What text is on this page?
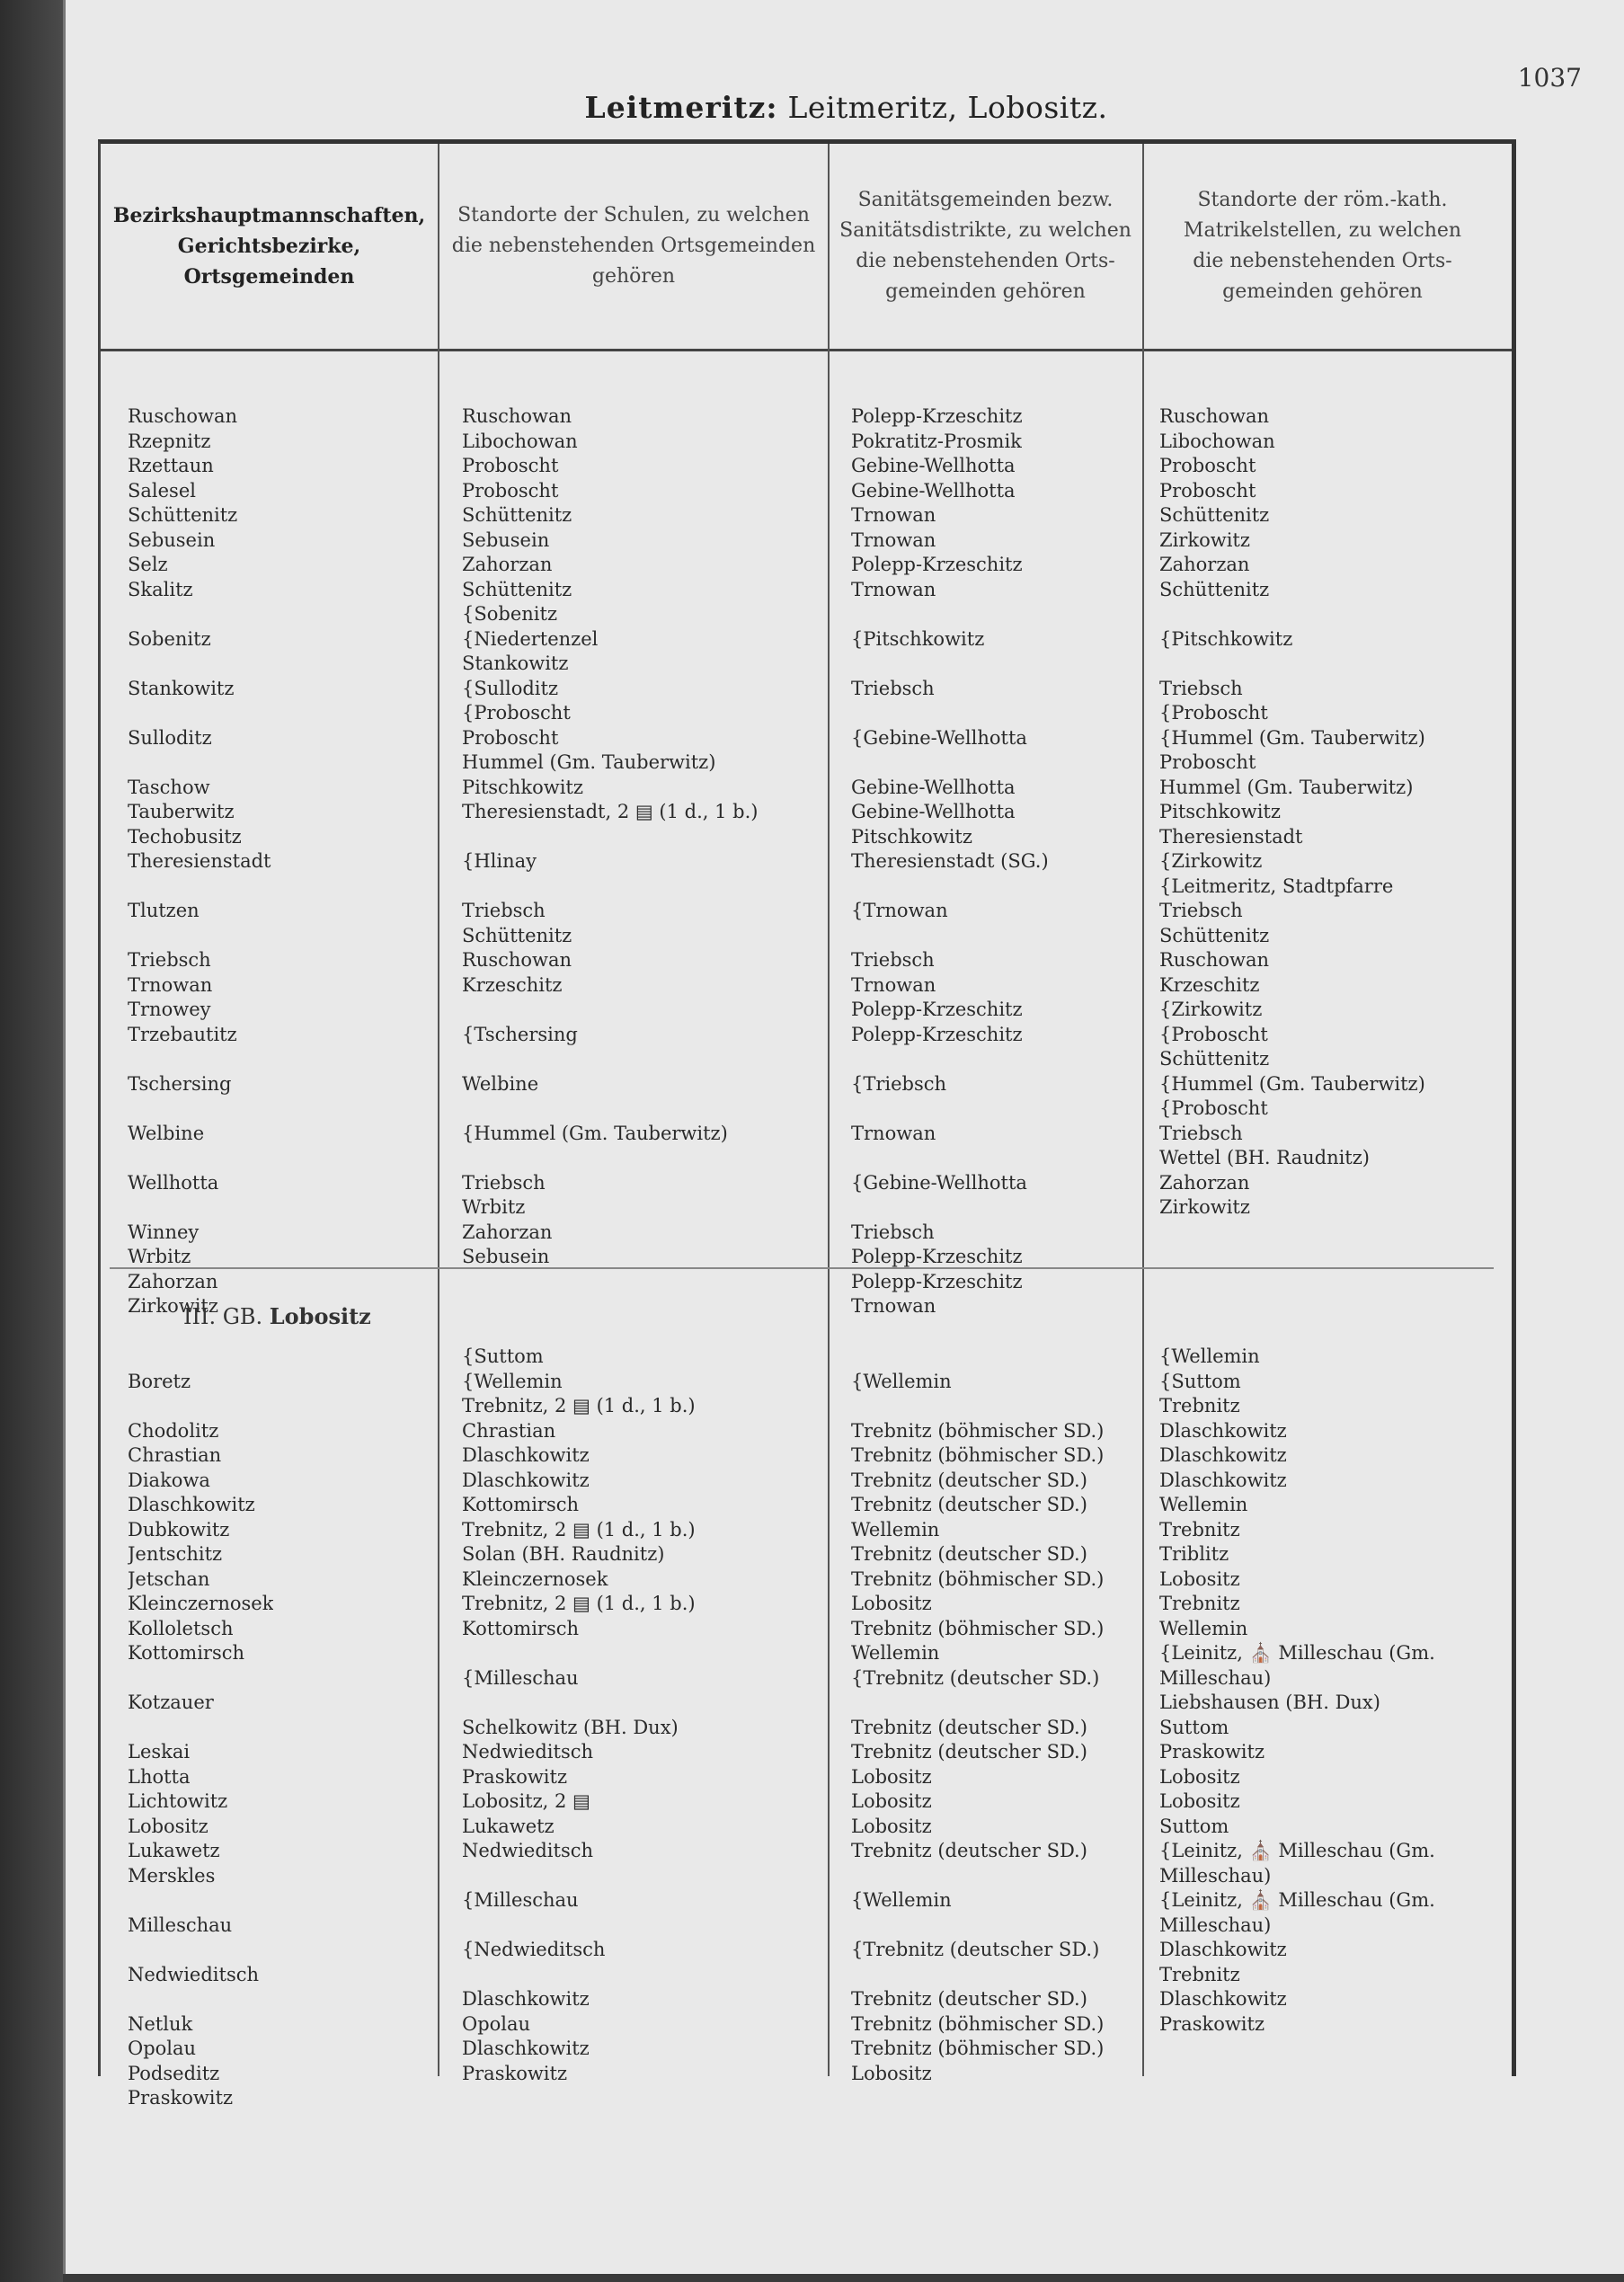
Leitmeritz: Leitmeritz, Lobositz.
1037
Bezirkshauptmannschaften,
Gerichtsbezirke,
Ortsgemeinden
Standorte der Schulen, zu welchen
die nebenstehenden Ortsgemeinden
gehören
Sanitätsgemeinden bezw.
Sanitätsdistrikte, zu welchen
die nebenstehenden Orts-
gemeinden gehören
Standorte der röm.-kath.
Matrikelstellen, zu welchen
die nebenstehenden Orts-
gemeinden gehören
Ruschowan
Rzepnitz
Rzettaun
Salesel
Schüttenitz
Sebusein
Selz
Skalitz
Sobenitz
Stankowitz
Sulloditz
Taschow
Tauberwitz
Techobusitz
Theresienstadt
Tlutzen
Triebsch
Trnowan
Trnowey
Trzebautitz
Tschersing
Welbine
Wellhotta
Winney
Wrbitz
Zahorzan
Zirkowitz
Ruschowan
Libochowan
Proboscht
Proboscht
Schüttenitz
Sebusein
Zahorzan
Schüttenitz
{Sobenitz
{Niedertenzel
Stankowitz
{Sulloditz
{Proboscht
Proboscht
Hummel (Gm. Tauberwitz)
Pitschkowitz
Theresienstadt, 2 ▤ (1 d., 1 b.)
{Hlinay
Triebsch
Schüttenitz
Ruschowan
Krzeschitz
{Tschersing
Welbine
{Hummel (Gm. Tauberwitz)
Triebsch
Wrbitz
Zahorzan
Sebusein
Polepp-Krzeschitz
Pokratitz-Prosmik
Gebine-Wellhotta
Gebine-Wellhotta
Trnowan
Trnowan
Polepp-Krzeschitz
Trnowan
{Pitschkowitz
Triebsch
{Gebine-Wellhotta
Gebine-Wellhotta
Gebine-Wellhotta
Pitschkowitz
Theresienstadt (SG.)
{Trnowan
Triebsch
Trnowan
Polepp-Krzeschitz
Polepp-Krzeschitz
{Triebsch
Trnowan
{Gebine-Wellhotta
Triebsch
Polepp-Krzeschitz
Polepp-Krzeschitz
Trnowan
Ruschowan
Libochowan
Proboscht
Proboscht
Schüttenitz
Zirkowitz
Zahorzan
Schüttenitz
{Pitschkowitz
Triebsch
{Proboscht
{Hummel (Gm. Tauberwitz)
Proboscht
Hummel (Gm. Tauberwitz)
Pitschkowitz
Theresienstadt
{Zirkowitz
{Leitmeritz, Stadtpfarre
Triebsch
Schüttenitz
Ruschowan
Krzeschitz
{Zirkowitz
{Proboscht
Schüttenitz
{Hummel (Gm. Tauberwitz)
{Proboscht
Triebsch
Wettel (BH. Raudnitz)
Zahorzan
Zirkowitz
III. GB. Lobositz
Boretz
Chodolitz
Chrastian
Diakowa
Dlaschkowitz
Dubkowitz
Jentschitz
Jetschan
Kleinczernosek
Kolloletsch
Kottomirsch
Kotzauer
Leskai
Lhotta
Lichtowitz
Lobositz
Lukawetz
Merskles
Milleschau
Nedwieditsch
Netluk
Opolau
Podseditz
Praskowitz
{Suttom
{Wellemin
Trebnitz, 2 ▤ (1 d., 1 b.)
Chrastian
Dlaschkowitz
Dlaschkowitz
Kottomirsch
Trebnitz, 2 ▤ (1 d., 1 b.)
Solan (BH. Raudnitz)
Kleinczernosek
Trebnitz, 2 ▤ (1 d., 1 b.)
Kottomirsch
{Milleschau
Schelkowitz (BH. Dux)
Nedwieditsch
Praskowitz
Lobositz, 2 ▤
Lukawetz
Nedwieditsch
{Milleschau
{Nedwieditsch
Dlaschkowitz
Opolau
Dlaschkowitz
Praskowitz
{Wellemin
Trebnitz (böhmischer SD.)
Trebnitz (böhmischer SD.)
Trebnitz (deutscher SD.)
Trebnitz (deutscher SD.)
Wellemin
Trebnitz (deutscher SD.)
Trebnitz (böhmischer SD.)
Lobositz
Trebnitz (böhmischer SD.)
Wellemin
{Trebnitz (deutscher SD.)
Trebnitz (deutscher SD.)
Trebnitz (deutscher SD.)
Lobositz
Lobositz
Lobositz
Trebnitz (deutscher SD.)
{Wellemin
{Trebnitz (deutscher SD.)
Trebnitz (deutscher SD.)
Trebnitz (böhmischer SD.)
Trebnitz (böhmischer SD.)
Lobositz
{Wellemin
{Suttom
Trebnitz
Dlaschkowitz
Dlaschkowitz
Dlaschkowitz
Wellemin
Trebnitz
Triblitz
Lobositz
Trebnitz
Wellemin
{Leinitz, ⛪ Milleschau (Gm.
Milleschau)
Liebshausen (BH. Dux)
Suttom
Praskowitz
Lobositz
Lobositz
Suttom
{Leinitz, ⛪ Milleschau (Gm.
Milleschau)
{Leinitz, ⛪ Milleschau (Gm.
Milleschau)
Dlaschkowitz
Trebnitz
Dlaschkowitz
Praskowitz
